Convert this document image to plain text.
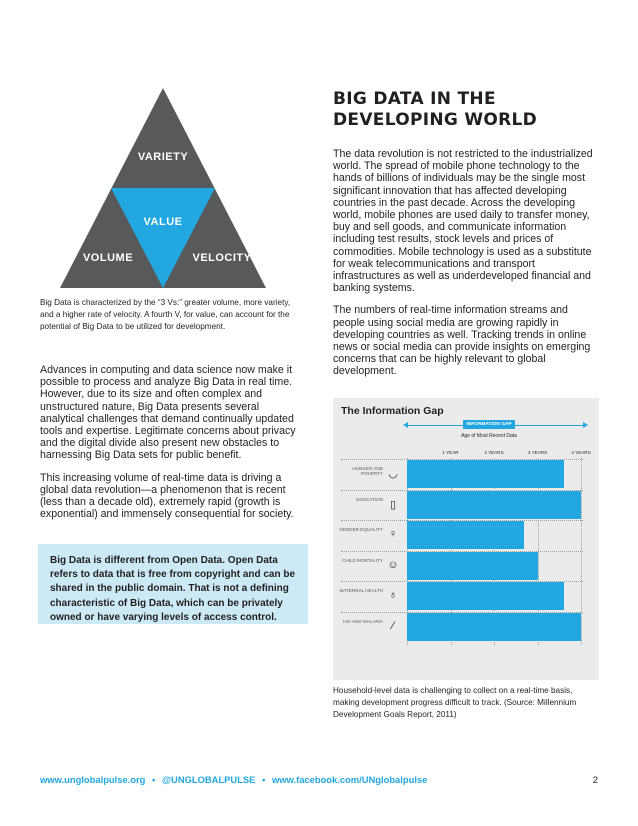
VARIETY
VALUE
VOLUME	VELOCITY
Big Data is characterized by the “3 Vs:” greater volume, more variety, and a higher rate of velocity. A fourth V, for value, can account for the potential of Big Data to be utilized for development.

Advances in computing and data science now make it possible to process and analyze Big Data in real time. However, due to its size and often complex and unstructured nature, Big Data presents several analytical challenges that demand continually updated tools and expertise. Legitimate concerns about privacy and the digital divide also present new obstacles to harnessing Big Data sets for public benefit.

This increasing volume of real-time data is driving a global data revolution—a phenomenon that is recent (less than a decade old), extremely rapid (growth is exponential) and immensely consequential for society.

Big Data is different from Open Data. Open Data refers to data that is free from copyright and can be shared in the public domain. That is not a defining characteristic of Big Data, which can be privately owned or have varying levels of access control.
BIG DATA IN THE DEVELOPING WORLD

The data revolution is not restricted to the industrialized world. The spread of mobile phone technology to the hands of billions of individuals may be the single most significant innovation that has affected developing countries in the past decade. Across the developing world, mobile phones are used daily to transfer money, buy and sell goods, and communicate information including test results, stock levels and prices of commodities. Mobile technology is used as a substitute for weak telecommunications and transport infrastructures as well as underdeveloped financial and banking systems.

The numbers of real-time information streams and people using social media are growing rapidly in developing countries as well. Tracking trends in online news or social media can provide insights on emerging concerns that can be highly relevant to global development.

The Information Gap
INFORMATION GAP
Age of Most Recent Data
1 YEAR	2 YEARS	3 YEARS	4 YEARS
HUNGER AND POVERTY ◡
EDUCATION ▯
GENDER EQUALITY ♀
CHILD MORTALITY ☺
MATERNAL HEALTH ♁
HIV AND MALARIA ⁄
Household-level data is challenging to collect on a real-time basis, making development progress difficult to track. (Source: Millennium Development Goals Report, 2011)
www.unglobalpulse.org • @UNGLOBALPULSE • www.facebook.com/UNglobalpulse	2
